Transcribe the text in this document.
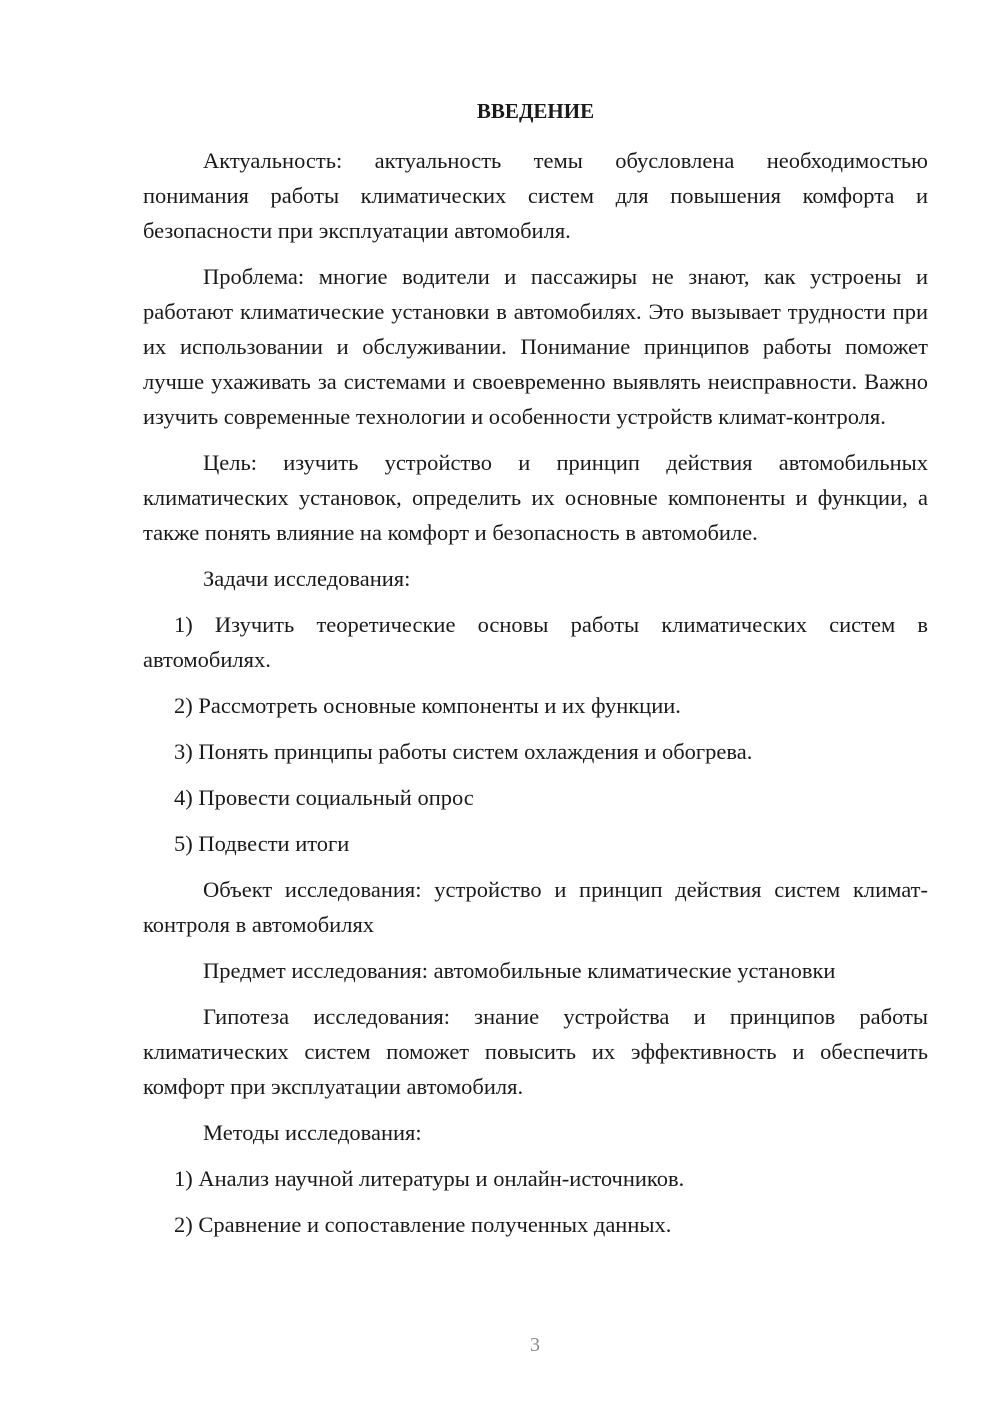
ВВЕДЕНИЕ

Актуальность: актуальность темы обусловлена необходимостью понимания работы климатических систем для повышения комфорта и безопасности при эксплуатации автомобиля.

Проблема: многие водители и пассажиры не знают, как устроены и работают климатические установки в автомобилях. Это вызывает трудности при их использовании и обслуживании. Понимание принципов работы поможет лучше ухаживать за системами и своевременно выявлять неисправности. Важно изучить современные технологии и особенности устройств климат-контроля.

Цель: изучить устройство и принцип действия автомобильных климатических установок, определить их основные компоненты и функции, а также понять влияние на комфорт и безопасность в автомобиле.

Задачи исследования:

1) Изучить теоретические основы работы климатических систем в автомобилях.

2) Рассмотреть основные компоненты и их функции.

3) Понять принципы работы систем охлаждения и обогрева.

4) Провести социальный опрос

5) Подвести итоги

Объект исследования: устройство и принцип действия систем климат-контроля в автомобилях

Предмет исследования: автомобильные климатические установки

Гипотеза исследования: знание устройства и принципов работы климатических систем поможет повысить их эффективность и обеспечить комфорт при эксплуатации автомобиля.

Методы исследования:

1) Анализ научной литературы и онлайн-источников.

2) Сравнение и сопоставление полученных данных.

3
